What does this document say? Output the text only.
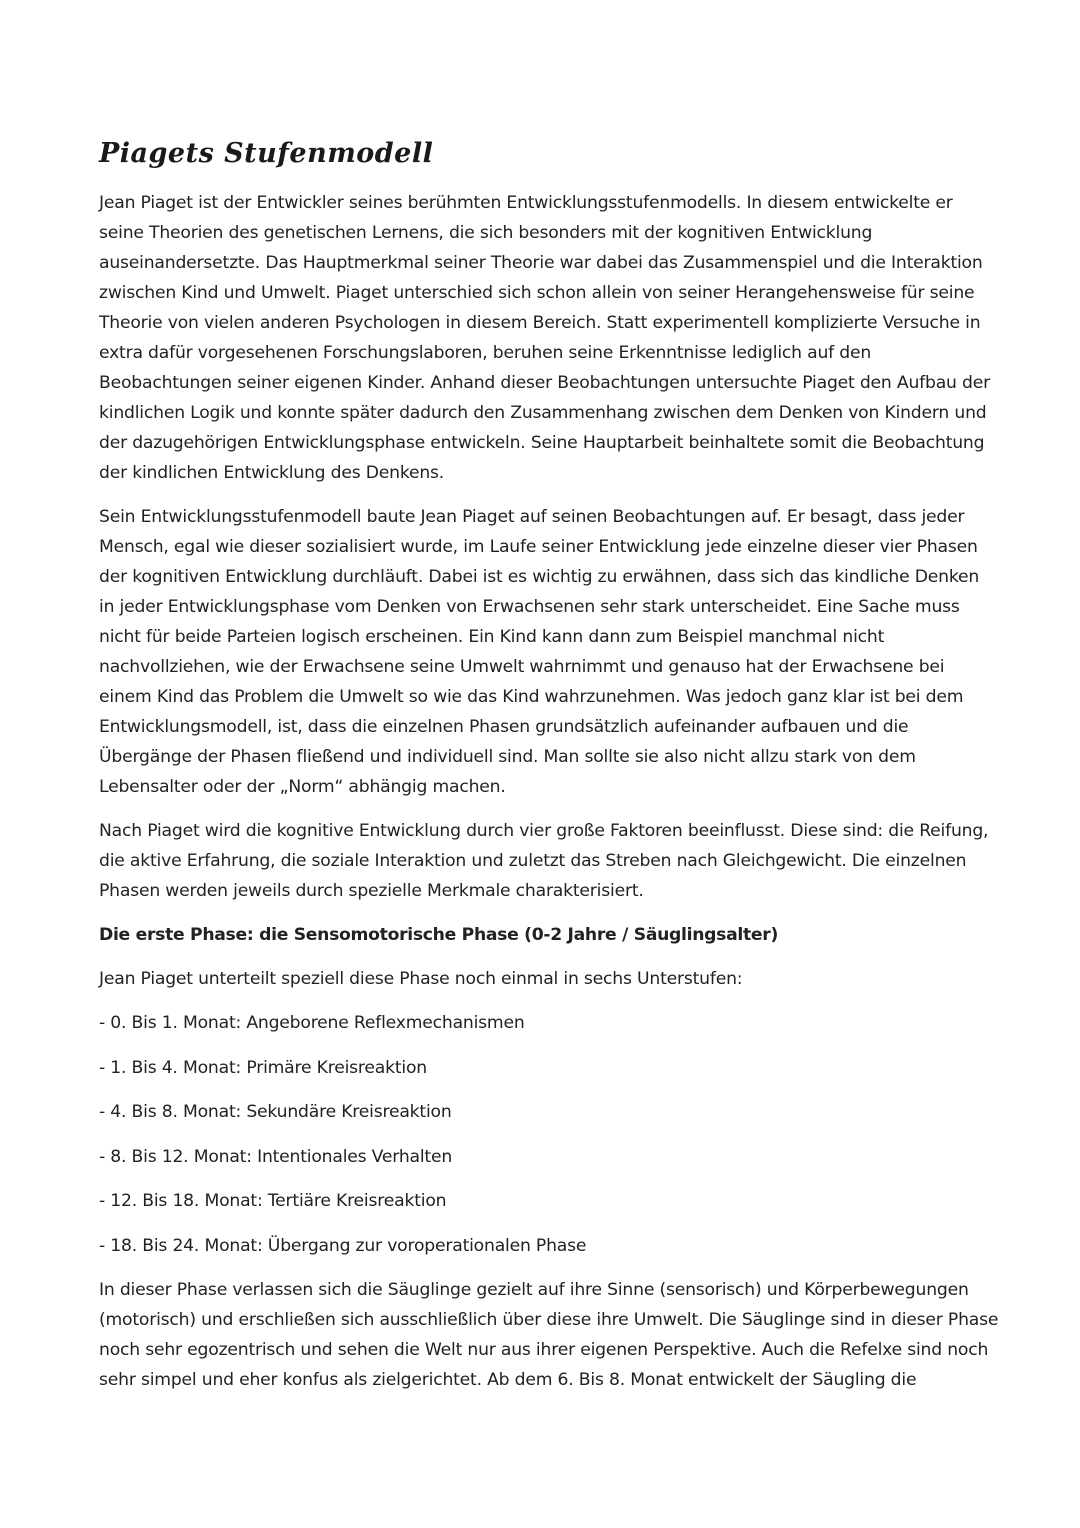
Piagets Stufenmodell

Jean Piaget ist der Entwickler seines berühmten Entwicklungsstufenmodells. In diesem entwickelte er seine Theorien des genetischen Lernens, die sich besonders mit der kognitiven Entwicklung auseinandersetzte. Das Hauptmerkmal seiner Theorie war dabei das Zusammenspiel und die Interaktion zwischen Kind und Umwelt. Piaget unterschied sich schon allein von seiner Herangehensweise für seine Theorie von vielen anderen Psychologen in diesem Bereich. Statt experimentell komplizierte Versuche in extra dafür vorgesehenen Forschungslaboren, beruhen seine Erkenntnisse lediglich auf den Beobachtungen seiner eigenen Kinder. Anhand dieser Beobachtungen untersuchte Piaget den Aufbau der kindlichen Logik und konnte später dadurch den Zusammenhang zwischen dem Denken von Kindern und der dazugehörigen Entwicklungsphase entwickeln. Seine Hauptarbeit beinhaltete somit die Beobachtung der kindlichen Entwicklung des Denkens.

Sein Entwicklungsstufenmodell baute Jean Piaget auf seinen Beobachtungen auf. Er besagt, dass jeder Mensch, egal wie dieser sozialisiert wurde, im Laufe seiner Entwicklung jede einzelne dieser vier Phasen der kognitiven Entwicklung durchläuft. Dabei ist es wichtig zu erwähnen, dass sich das kindliche Denken in jeder Entwicklungsphase vom Denken von Erwachsenen sehr stark unterscheidet. Eine Sache muss nicht für beide Parteien logisch erscheinen. Ein Kind kann dann zum Beispiel manchmal nicht nachvollziehen, wie der Erwachsene seine Umwelt wahrnimmt und genauso hat der Erwachsene bei einem Kind das Problem die Umwelt so wie das Kind wahrzunehmen. Was jedoch ganz klar ist bei dem Entwicklungsmodell, ist, dass die einzelnen Phasen grundsätzlich aufeinander aufbauen und die Übergänge der Phasen fließend und individuell sind. Man sollte sie also nicht allzu stark von dem Lebensalter oder der „Norm“ abhängig machen.

Nach Piaget wird die kognitive Entwicklung durch vier große Faktoren beeinflusst. Diese sind: die Reifung, die aktive Erfahrung, die soziale Interaktion und zuletzt das Streben nach Gleichgewicht. Die einzelnen Phasen werden jeweils durch spezielle Merkmale charakterisiert.

Die erste Phase: die Sensomotorische Phase (0-2 Jahre / Säuglingsalter)

Jean Piaget unterteilt speziell diese Phase noch einmal in sechs Unterstufen:

- 0. Bis 1. Monat: Angeborene Reflexmechanismen
- 1. Bis 4. Monat: Primäre Kreisreaktion
- 4. Bis 8. Monat: Sekundäre Kreisreaktion
- 8. Bis 12. Monat: Intentionales Verhalten
- 12. Bis 18. Monat: Tertiäre Kreisreaktion
- 18. Bis 24. Monat: Übergang zur voroperationalen Phase

In dieser Phase verlassen sich die Säuglinge gezielt auf ihre Sinne (sensorisch) und Körperbewegungen (motorisch) und erschließen sich ausschließlich über diese ihre Umwelt. Die Säuglinge sind in dieser Phase noch sehr egozentrisch und sehen die Welt nur aus ihrer eigenen Perspektive. Auch die Refelxe sind noch sehr simpel und eher konfus als zielgerichtet. Ab dem 6. Bis 8. Monat entwickelt der Säugling die
